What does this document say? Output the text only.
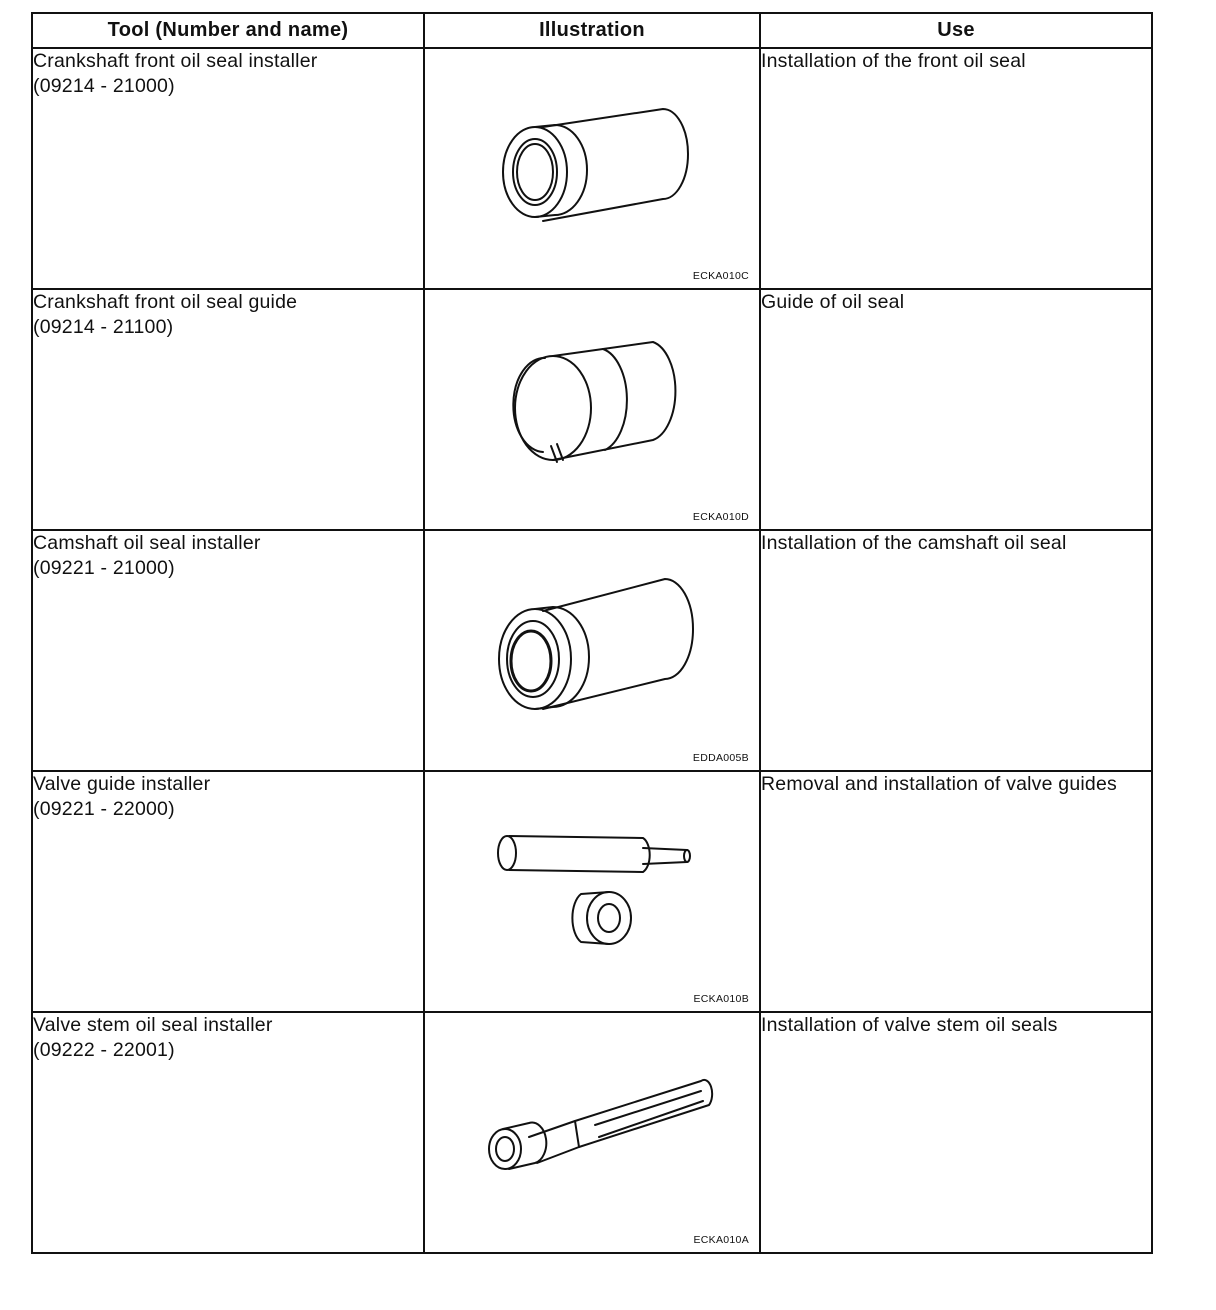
Tool (Number and name)	Illustration	Use

Crankshaft front oil seal installer
(09214 - 21000)	ECKA010C	Installation of the front oil seal

Crankshaft front oil seal guide
(09214 - 21100)	ECKA010D	Guide of oil seal

Camshaft oil seal installer
(09221 - 21000)	EDDA005B	Installation of the camshaft oil seal

Valve guide installer
(09221 - 22000)	ECKA010B	Removal and installation of valve guides

Valve stem oil seal installer
(09222 - 22001)	ECKA010A	Installation of valve stem oil seals
